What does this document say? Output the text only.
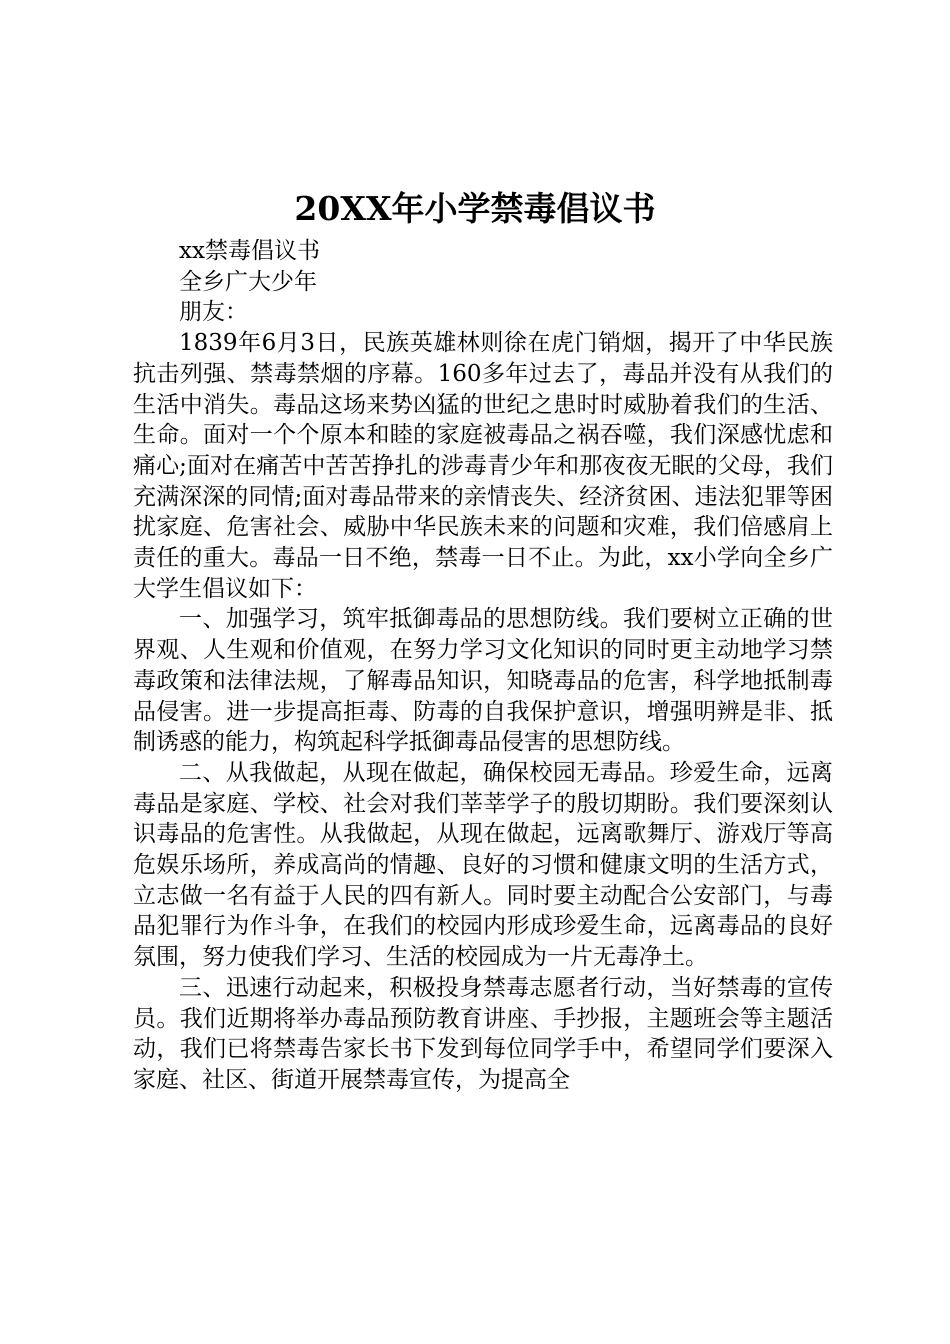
20XX年小学禁毒倡议书

xx禁毒倡议书

全乡广大少年

朋友：

1839年6月3日，民族英雄林则徐在虎门销烟，揭开了中华民族抗击列强、禁毒禁烟的序幕。160多年过去了，毒品并没有从我们的生活中消失。毒品这场来势凶猛的世纪之患时时威胁着我们的生活、生命。面对一个个原本和睦的家庭被毒品之祸吞噬，我们深感忧虑和痛心;面对在痛苦中苦苦挣扎的涉毒青少年和那夜夜无眠的父母，我们充满深深的同情;面对毒品带来的亲情丧失、经济贫困、违法犯罪等困扰家庭、危害社会、威胁中华民族未来的问题和灾难，我们倍感肩上责任的重大。毒品一日不绝，禁毒一日不止。为此，xx小学向全乡广大学生倡议如下：

一、加强学习，筑牢抵御毒品的思想防线。我们要树立正确的世界观、人生观和价值观，在努力学习文化知识的同时更主动地学习禁毒政策和法律法规，了解毒品知识，知晓毒品的危害，科学地抵制毒品侵害。进一步提高拒毒、防毒的自我保护意识，增强明辨是非、抵制诱惑的能力，构筑起科学抵御毒品侵害的思想防线。

二、从我做起，从现在做起，确保校园无毒品。珍爱生命，远离毒品是家庭、学校、社会对我们莘莘学子的殷切期盼。我们要深刻认识毒品的危害性。从我做起，从现在做起，远离歌舞厅、游戏厅等高危娱乐场所，养成高尚的情趣、良好的习惯和健康文明的生活方式，立志做一名有益于人民的四有新人。同时要主动配合公安部门，与毒品犯罪行为作斗争，在我们的校园内形成珍爱生命，远离毒品的良好氛围，努力使我们学习、生活的校园成为一片无毒净土。

三、迅速行动起来，积极投身禁毒志愿者行动，当好禁毒的宣传员。我们近期将举办毒品预防教育讲座、手抄报，主题班会等主题活动，我们已将禁毒告家长书下发到每位同学手中，希望同学们要深入家庭、社区、街道开展禁毒宣传，为提高全
